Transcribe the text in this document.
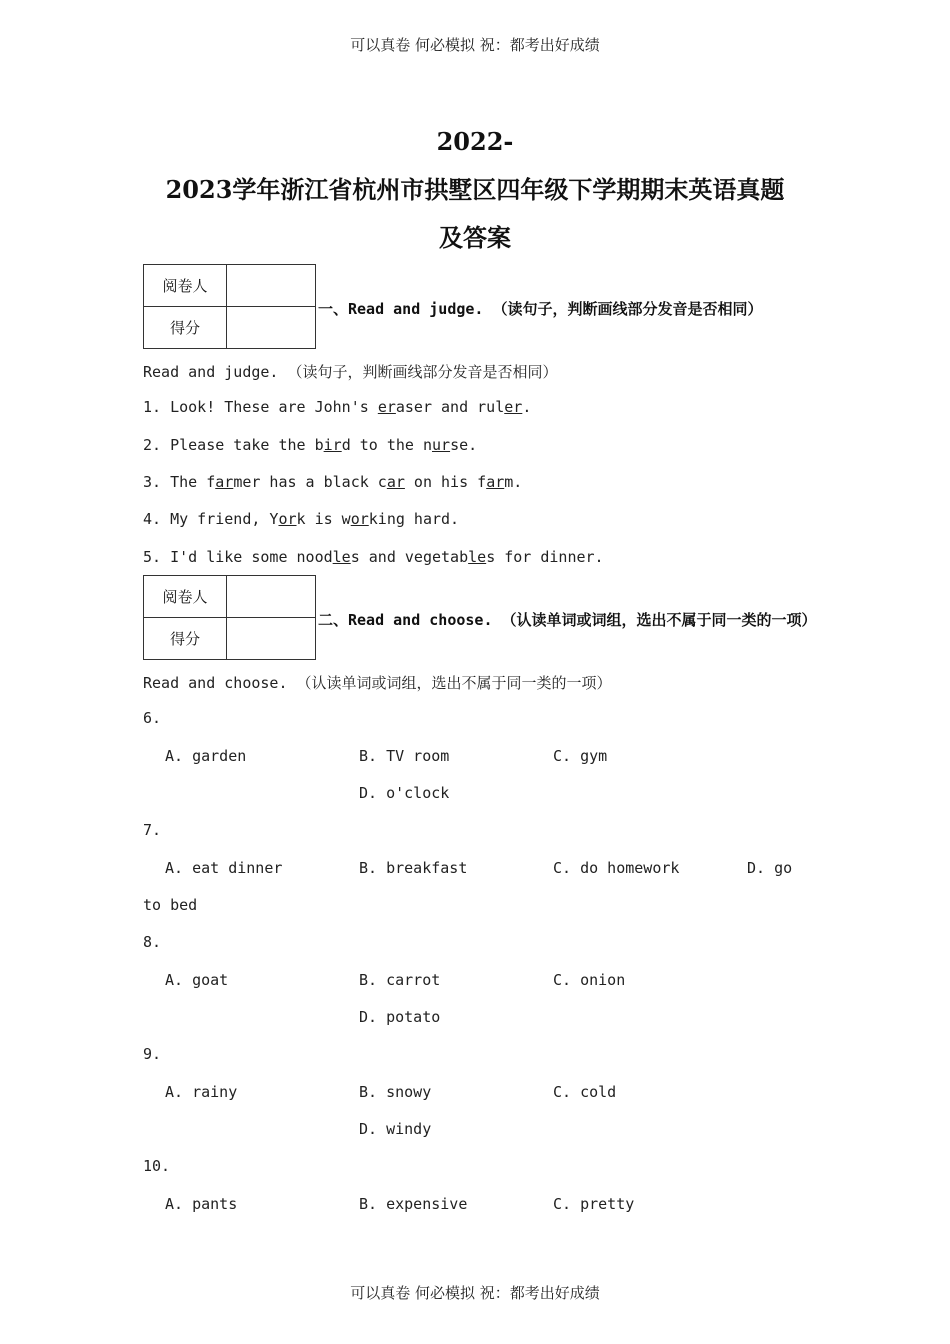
可以真卷 何必模拟 祝：都考出好成绩
2022-
2023学年浙江省杭州市拱墅区四年级下学期期末英语真题
及答案
阅卷人	
得分	
一、Read and judge. （读句子，判断画线部分发音是否相同）
Read and judge. （读句子，判断画线部分发音是否相同）
1. Look! These are John's eraser and ruler.
2. Please take the bird to the nurse.
3. The farmer has a black car on his farm.
4. My friend, York is working hard.
5. I'd like some noodles and vegetables for dinner.
阅卷人	
得分	
二、Read and choose. （认读单词或词组，选出不属于同一类的一项）
Read and choose. （认读单词或词组，选出不属于同一类的一项）
6.
A. garden	B. TV room	C. gym
D. o'clock
7.
A. eat dinner	B. breakfast	C. do homework	D. go
to bed
8.
A. goat	B. carrot	C. onion
D. potato
9.
A. rainy	B. snowy	C. cold
D. windy
10.
A. pants	B. expensive	C. pretty
可以真卷 何必模拟 祝：都考出好成绩
